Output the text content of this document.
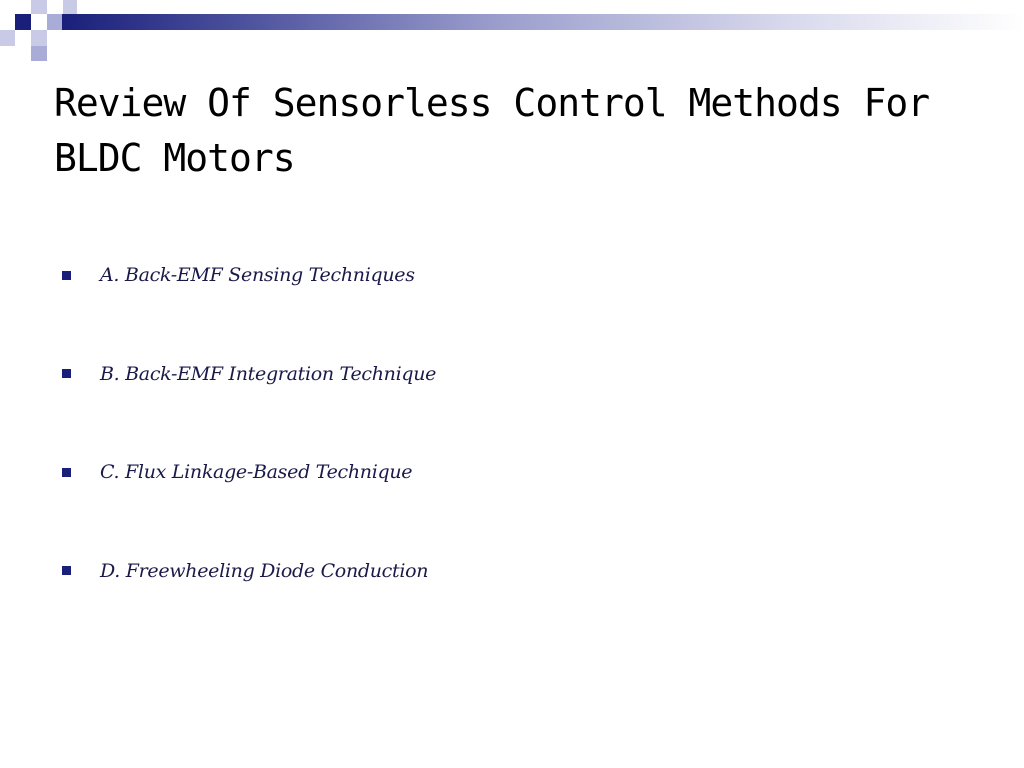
Review Of Sensorless Control Methods For BLDC Motors
A. Back-EMF Sensing Techniques
B. Back-EMF Integration Technique
C. Flux Linkage-Based Technique
D. Freewheeling Diode Conduction
